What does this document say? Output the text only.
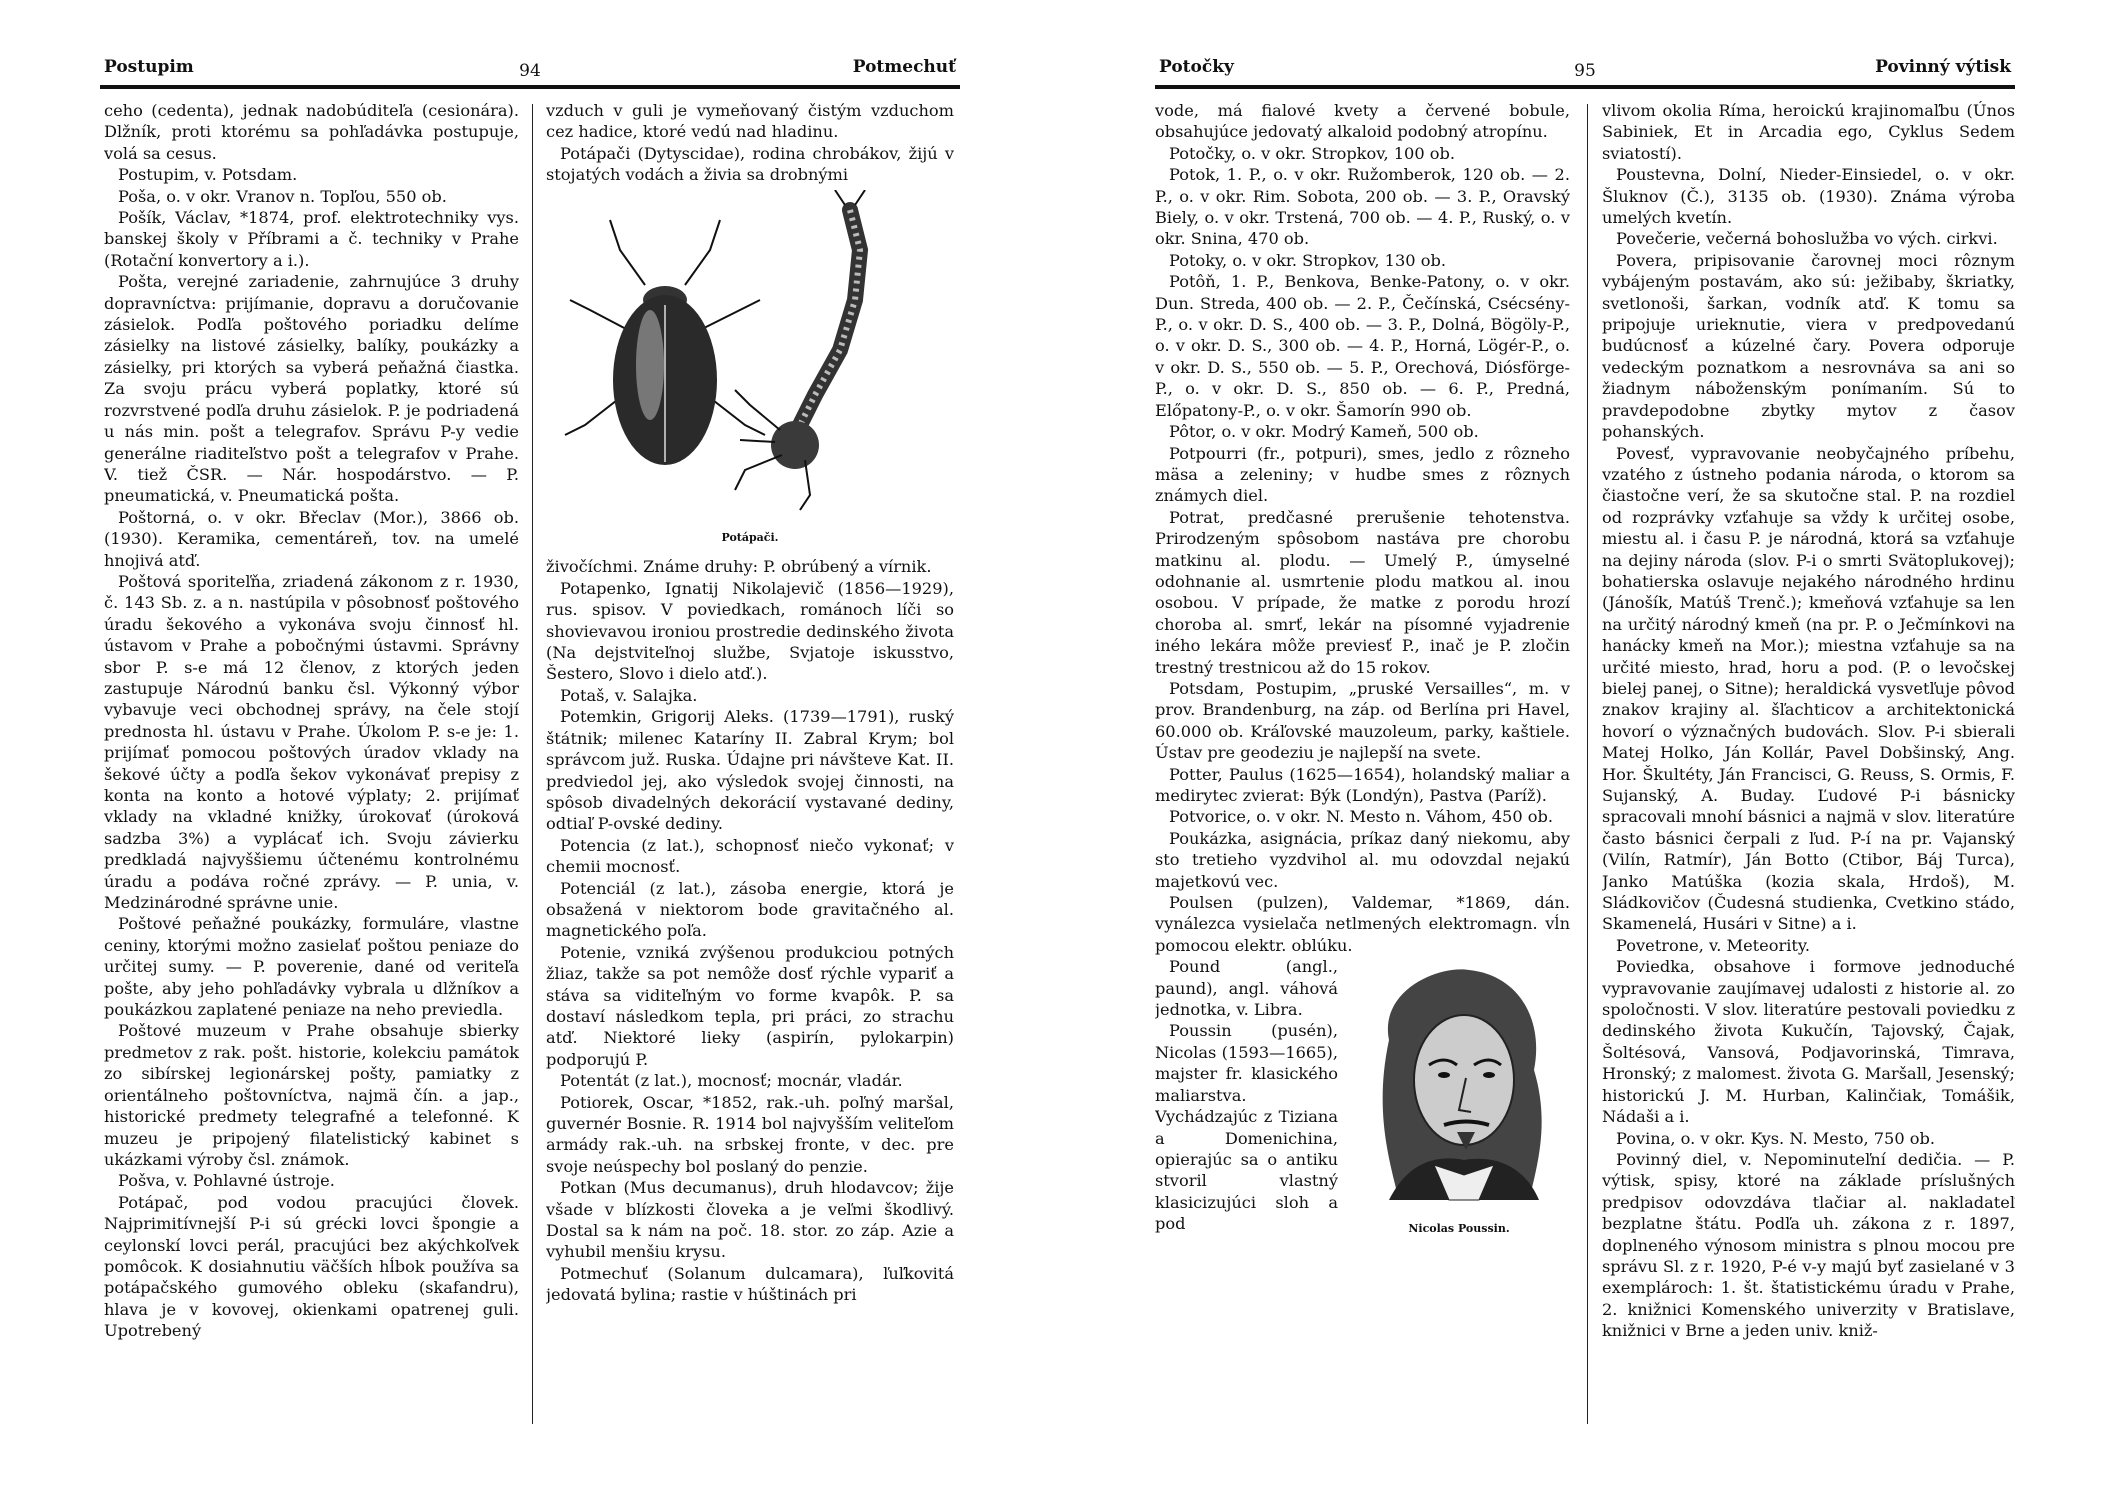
Postupim	94	Potmechuť

ceho (cedenta), jednak nadobúditeľa (cesionára). Dlžník, proti ktorému sa pohľadávka postupuje, volá sa cesus.

Postupim, v. Potsdam.

Poša, o. v okr. Vranov n. Topľou, 550 ob.

Pošík, Václav, *1874, prof. elektrotechniky vys. banskej školy v Příbrami a č. techniky v Prahe (Rotační konvertory a i.).

Pošta, verejné zariadenie, zahrnujúce 3 druhy dopravníctva: prijímanie, dopravu a doručovanie zásielok. Podľa poštového poriadku delíme zásielky na listové zásielky, balíky, poukázky a zásielky, pri ktorých sa vyberá peňažná čiastka. Za svoju prácu vyberá poplatky, ktoré sú rozvrstvené podľa druhu zásielok. P. je podriadená u nás min. pošt a telegrafov. Správu P-y vedie generálne riaditeľstvo pošt a telegrafov v Prahe. V. tiež ČSR. — Nár. hospodárstvo. — P. pneumatická, v. Pneumatická pošta.

Poštorná, o. v okr. Břeclav (Mor.), 3866 ob. (1930). Keramika, cementáreň, tov. na umelé hnojivá atď.

Poštová sporiteľňa, zriadená zákonom z r. 1930, č. 143 Sb. z. a n. nastúpila v pôsobnosť poštového úradu šekového a vykonáva svoju činnosť hl. ústavom v Prahe a pobočnými ústavmi. Správny sbor P. s-e má 12 členov, z ktorých jeden zastupuje Národnú banku čsl. Výkonný výbor vybavuje veci obchodnej správy, na čele stojí prednosta hl. ústavu v Prahe. Úkolom P. s-e je: 1. prijímať pomocou poštových úradov vklady na šekové účty a podľa šekov vykonávať prepisy z konta na konto a hotové výplaty; 2. prijímať vklady na vkladné knižky, úrokovať (úroková sadzba 3%) a vyplácať ich. Svoju závierku predkladá najvyššiemu účtenému kontrolnému úradu a podáva ročné zprávy. — P. unia, v. Medzinárodné správne unie.

Poštové peňažné poukázky, formuláre, vlastne ceniny, ktorými možno zasielať poštou peniaze do určitej sumy. — P. poverenie, dané od veriteľa pošte, aby jeho pohľadávky vybrala u dlžníkov a poukázkou zaplatené peniaze na neho previedla.

Poštové muzeum v Prahe obsahuje sbierky predmetov z rak. pošt. historie, kolekciu památok zo sibírskej legionárskej pošty, pamiatky z orientálneho poštovníctva, najmä čín. a jap., historické predmety telegrafné a telefonné. K muzeu je pripojený filatelistický kabinet s ukázkami výroby čsl. známok.

Pošva, v. Pohlavné ústroje.

Potápač, pod vodou pracujúci človek. Najprimitívnejší P-i sú grécki lovci špongie a ceylonskí lovci perál, pracujúci bez akýchkoľvek pomôcok. K dosiahnutiu väčších hĺbok používa sa potápačského gumového obleku (skafandru), hlava je v kovovej, okienkami opatrenej guli. Upotrebený

vzduch v guli je vymeňovaný čistým vzduchom cez hadice, ktoré vedú nad hladinu.

Potápači (Dytyscidae), rodina chrobákov, žijú v stojatých vodách a živia sa drobnými

Potápači.

živočíchmi. Známe druhy: P. obrúbený a vírnik.

Potapenko, Ignatij Nikolajevič (1856—1929), rus. spisov. V poviedkach, románoch líči so shovievavou ironiou prostredie dedinského života (Na dejstviteľnoj službe, Svjatoje iskusstvo, Šestero, Slovo i dielo atď.).

Potaš, v. Salajka.

Potemkin, Grigorij Aleks. (1739—1791), ruský štátnik; milenec Kataríny II. Zabral Krym; bol správcom juž. Ruska. Údajne pri návšteve Kat. II. predviedol jej, ako výsledok svojej činnosti, na spôsob divadelných dekorácií vystavané dediny, odtiaľ P-ovské dediny.

Potencia (z lat.), schopnosť niečo vykonať; v chemii mocnosť.

Potenciál (z lat.), zásoba energie, ktorá je obsažená v niektorom bode gravitačného al. magnetického poľa.

Potenie, vzniká zvýšenou produkciou potných žliaz, takže sa pot nemôže dosť rýchle vypariť a stáva sa viditeľným vo forme kvapôk. P. sa dostaví následkom tepla, pri práci, zo strachu atď. Niektoré lieky (aspirín, pylokarpin) podporujú P.

Potentát (z lat.), mocnosť; mocnár, vladár.

Potiorek, Oscar, *1852, rak.-uh. poľný maršal, guvernér Bosnie. R. 1914 bol najvyšším veliteľom armády rak.-uh. na srbskej fronte, v dec. pre svoje neúspechy bol poslaný do penzie.

Potkan (Mus decumanus), druh hlodavcov; žije všade v blízkosti človeka a je veľmi škodlivý. Dostal sa k nám na poč. 18. stor. zo záp. Azie a vyhubil menšiu krysu.

Potmechuť (Solanum dulcamara), ľuľkovitá jedovatá bylina; rastie v húštinách pri

Potočky	95	Povinný výtisk

vode, má fialové kvety a červené bobule, obsahujúce jedovatý alkaloid podobný atropínu.

Potočky, o. v okr. Stropkov, 100 ob.

Potok, 1. P., o. v okr. Ružomberok, 120 ob. — 2. P., o. v okr. Rim. Sobota, 200 ob. — 3. P., Oravský Biely, o. v okr. Trstená, 700 ob. — 4. P., Ruský, o. v okr. Snina, 470 ob.

Potoky, o. v okr. Stropkov, 130 ob.

Potôň, 1. P., Benkova, Benke-Patony, o. v okr. Dun. Streda, 400 ob. — 2. P., Čečínská, Csécsény-P., o. v okr. D. S., 400 ob. — 3. P., Dolná, Bögöly-P., o. v okr. D. S., 300 ob. — 4. P., Horná, Lögér-P., o. v okr. D. S., 550 ob. — 5. P., Orechová, Diósförge-P., o. v okr. D. S., 850 ob. — 6. P., Predná, Előpatony-P., o. v okr. Šamorín 990 ob.

Pôtor, o. v okr. Modrý Kameň, 500 ob.

Potpourri (fr., potpuri), smes, jedlo z rôzneho mäsa a zeleniny; v hudbe smes z rôznych známych diel.

Potrat, predčasné prerušenie tehotenstva. Prirodzeným spôsobom nastáva pre chorobu matkinu al. plodu. — Umelý P., úmyselné odohnanie al. usmrtenie plodu matkou al. inou osobou. V prípade, že matke z porodu hrozí choroba al. smrť, lekár na písomné vyjadrenie iného lekára môže previesť P., inač je P. zločin trestný trestnicou až do 15 rokov.

Potsdam, Postupim, „pruské Versailles“, m. v prov. Brandenburg, na záp. od Berlína pri Havel, 60.000 ob. Kráľovské mauzoleum, parky, kaštiele. Ústav pre geodeziu je najlepší na svete.

Potter, Paulus (1625—1654), holandský maliar a medirytec zvierat: Býk (Londýn), Pastva (Paríž).

Potvorice, o. v okr. N. Mesto n. Váhom, 450 ob.

Poukázka, asignácia, príkaz daný niekomu, aby sto tretieho vyzdvihol al. mu odovzdal nejakú majetkovú vec.

Poulsen (pulzen), Valdemar, *1869, dán. vynálezca vysielača netlmených elektromagn. vĺn pomocou elektr. oblúku.

Nicolas Poussin.

Pound (angl., paund), angl. váhová jednotka, v. Libra.

Poussin (pusén), Nicolas (1593—1665), majster fr. klasického maliarstva. Vychádzajúc z Tiziana a Domenichina, opierajúc sa o antiku stvoril vlastný klasicizujúci sloh a pod

vlivom okolia Ríma, heroickú krajinomaľbu (Únos Sabiniek, Et in Arcadia ego, Cyklus Sedem sviatostí).

Poustevna, Dolní, Nieder-Einsiedel, o. v okr. Šluknov (Č.), 3135 ob. (1930). Známa výroba umelých kvetín.

Povečerie, večerná bohoslužba vo vých. cirkvi.

Povera, pripisovanie čarovnej moci rôznym vybájeným postavám, ako sú: ježibaby, škriatky, svetlonoši, šarkan, vodník atď. K tomu sa pripojuje urieknutie, viera v predpovedanú budúcnosť a kúzelné čary. Povera odporuje vedeckým poznatkom a nesrovnáva sa ani so žiadnym náboženským ponímaním. Sú to pravdepodobne zbytky mytov z časov pohanských.

Povesť, vypravovanie neobyčajného príbehu, vzatého z ústneho podania národa, o ktorom sa čiastočne verí, že sa skutočne stal. P. na rozdiel od rozprávky vzťahuje sa vždy k určitej osobe, miestu al. i času P. je národná, ktorá sa vzťahuje na dejiny národa (slov. P-i o smrti Svätoplukovej); bohatierska oslavuje nejakého národného hrdinu (Jánošík, Matúš Trenč.); kmeňová vzťahuje sa len na určitý národný kmeň (na pr. P. o Ječmínkovi na hanácky kmeň na Mor.); miestna vzťahuje sa na určité miesto, hrad, horu a pod. (P. o levočskej bielej panej, o Sitne); heraldická vysvetľuje pôvod znakov krajiny al. šľachticov a architektonická hovorí o význačných budovách. Slov. P-i sbierali Matej Holko, Ján Kollár, Pavel Dobšinský, Ang. Hor. Škultéty, Ján Francisci, G. Reuss, S. Ormis, F. Sujanský, A. Buday. Ľudové P-i básnicky spracovali mnohí básnici a najmä v slov. literatúre často básnici čerpali z ľud. P-í na pr. Vajanský (Vilín, Ratmír), Ján Botto (Ctibor, Báj Turca), Janko Matúška (kozia skala, Hrdoš), M. Sládkovičov (Čudesná studienka, Cvetkino stádo, Skamenelá, Husári v Sitne) a i.

Povetrone, v. Meteority.

Poviedka, obsahove i formove jednoduché vypravovanie zaujímavej udalosti z historie al. zo spoločnosti. V slov. literatúre pestovali poviedku z dedinského života Kukučín, Tajovský, Čajak, Šoltésová, Vansová, Podjavorinská, Timrava, Hronský; z malomest. života G. Maršall, Jesenský; historickú J. M. Hurban, Kalinčiak, Tomášik, Nádaši a i.

Povina, o. v okr. Kys. N. Mesto, 750 ob.

Povinný diel, v. Nepominuteľní dedičia. — P. výtisk, spisy, ktoré na základe príslušných predpisov odovzdáva tlačiar al. nakladateľ bezplatne štátu. Podľa uh. zákona z r. 1897, doplneného výnosom ministra s plnou mocou pre správu Sl. z r. 1920, P-é v-y majú byť zasielané v 3 exemplároch: 1. št. štatistickému úradu v Prahe, 2. knižnici Komenského univerzity v Bratislave, knižnici v Brne a jeden univ. kniž-
